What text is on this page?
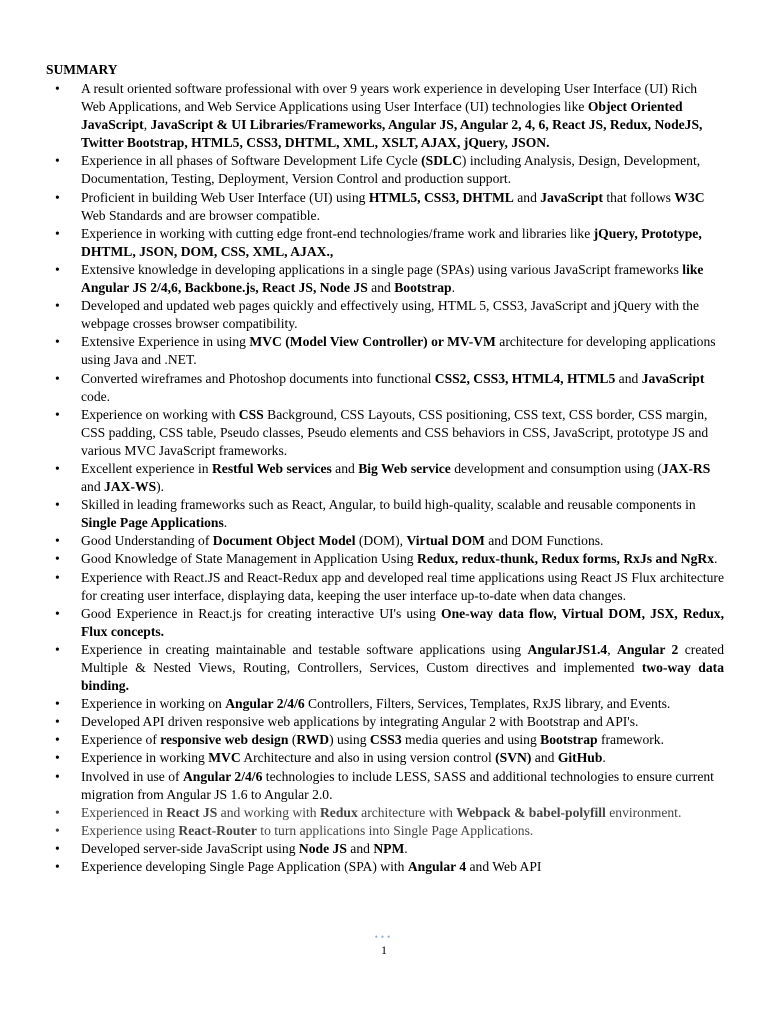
SUMMARY
• A result oriented software professional with over 9 years work experience in developing User Interface (UI) Rich Web Applications, and Web Service Applications using User Interface (UI) technologies like Object Oriented JavaScript, JavaScript & UI Libraries/Frameworks, Angular JS, Angular 2, 4, 6, React JS, Redux, NodeJS, Twitter Bootstrap, HTML5, CSS3, DHTML, XML, XSLT, AJAX, jQuery, JSON.
• Experience in all phases of Software Development Life Cycle (SDLC) including Analysis, Design, Development, Documentation, Testing, Deployment, Version Control and production support.
• Proficient in building Web User Interface (UI) using HTML5, CSS3, DHTML and JavaScript that follows W3C Web Standards and are browser compatible.
• Experience in working with cutting edge front-end technologies/frame work and libraries like jQuery, Prototype, DHTML, JSON, DOM, CSS, XML, AJAX.,
• Extensive knowledge in developing applications in a single page (SPAs) using various JavaScript frameworks like Angular JS 2/4,6, Backbone.js, React JS, Node JS and Bootstrap.
• Developed and updated web pages quickly and effectively using, HTML 5, CSS3, JavaScript and jQuery with the webpage crosses browser compatibility.
• Extensive Experience in using MVC (Model View Controller) or MV-VM architecture for developing applications using Java and .NET.
• Converted wireframes and Photoshop documents into functional CSS2, CSS3, HTML4, HTML5 and JavaScript code.
• Experience on working with CSS Background, CSS Layouts, CSS positioning, CSS text, CSS border, CSS margin, CSS padding, CSS table, Pseudo classes, Pseudo elements and CSS behaviors in CSS, JavaScript, prototype JS and various MVC JavaScript frameworks.
• Excellent experience in Restful Web services and Big Web service development and consumption using (JAX-RS and JAX-WS).
• Skilled in leading frameworks such as React, Angular, to build high-quality, scalable and reusable components in Single Page Applications.
• Good Understanding of Document Object Model (DOM), Virtual DOM and DOM Functions.
• Good Knowledge of State Management in Application Using Redux, redux-thunk, Redux forms, RxJs and NgRx.
• Experience with React.JS and React-Redux app and developed real time applications using React JS Flux architecture for creating user interface, displaying data, keeping the user interface up-to-date when data changes.
• Good Experience in React.js for creating interactive UI's using One-way data flow, Virtual DOM, JSX, Redux, Flux concepts.
• Experience in creating maintainable and testable software applications using AngularJS1.4, Angular 2 created Multiple & Nested Views, Routing, Controllers, Services, Custom directives and implemented two-way data binding.
• Experience in working on Angular 2/4/6 Controllers, Filters, Services, Templates, RxJS library, and Events.
• Developed API driven responsive web applications by integrating Angular 2 with Bootstrap and API's.
• Experience of responsive web design (RWD) using CSS3 media queries and using Bootstrap framework.
• Experience in working MVC Architecture and also in using version control (SVN) and GitHub.
• Involved in use of Angular 2/4/6 technologies to include LESS, SASS and additional technologies to ensure current migration from Angular JS 1.6 to Angular 2.0.
• Experienced in React JS and working with Redux architecture with Webpack & babel-polyfill environment.
• Experience using React-Router to turn applications into Single Page Applications.
• Developed server-side JavaScript using Node JS and NPM.
• Experience developing Single Page Application (SPA) with Angular 4 and Web API
•••
1
